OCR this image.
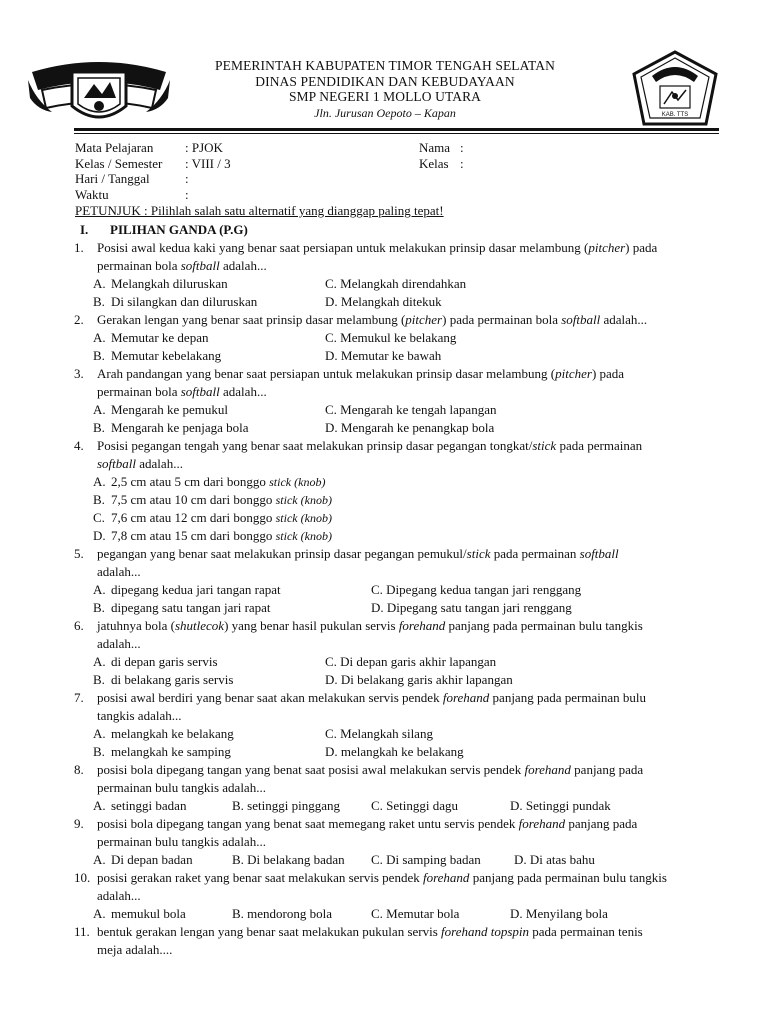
PEMERINTAH KABUPATEN TIMOR TENGAH SELATAN
DINAS PENDIDIKAN DAN KEBUDAYAAN
SMP NEGERI 1 MOLLO UTARA
Jln. Jurusan Oepoto – Kapan	KAB. TTS
Mata Pelajaran : PJOK	Nama :
Kelas / Semester : VIII / 3	Kelas :
Hari / Tanggal	:
Waktu	:
PETUNJUK : Pilihlah salah satu alternatif yang dianggap paling tepat!
I. PILIHAN GANDA (P.G)
1. Posisi awal kedua kaki yang benar saat persiapan untuk melakukan prinsip dasar melambung (pitcher) pada
permainan bola softball adalah...
A. Melangkah diluruskan	C. Melangkah direndahkan
B. Di silangkan dan diluruskan	D. Melangkah ditekuk
2. Gerakan lengan yang benar saat prinsip dasar melambung (pitcher) pada permainan bola softball adalah...
A. Memutar ke depan	C. Memukul ke belakang
B. Memutar kebelakang	D. Memutar ke bawah
3. Arah pandangan yang benar saat persiapan untuk melakukan prinsip dasar melambung (pitcher) pada
permainan bola softball adalah...
A. Mengarah ke pemukul	C. Mengarah ke tengah lapangan
B. Mengarah ke penjaga bola	D. Mengarah ke penangkap bola
4. Posisi pegangan tengah yang benar saat melakukan prinsip dasar pegangan tongkat/stick pada permainan
softball adalah...
A. 2,5 cm atau 5 cm dari bonggo stick (knob)
B. 7,5 cm atau 10 cm dari bonggo stick (knob)
C. 7,6 cm atau 12 cm dari bonggo stick (knob)
D. 7,8 cm atau 15 cm dari bonggo stick (knob)
5. pegangan yang benar saat melakukan prinsip dasar pegangan pemukul/stick pada permainan softball
adalah...
A. dipegang kedua jari tangan rapat	C. Dipegang kedua tangan jari renggang
B. dipegang satu tangan jari rapat	D. Dipegang satu tangan jari renggang
6. jatuhnya bola (shutlecok) yang benar hasil pukulan servis forehand panjang pada permainan bulu tangkis
adalah...
A. di depan garis servis	C. Di depan garis akhir lapangan
B. di belakang garis servis	D. Di belakang garis akhir lapangan
7. posisi awal berdiri yang benar saat akan melakukan servis pendek forehand panjang pada permainan bulu
tangkis adalah...
A. melangkah ke belakang	C. Melangkah silang
B. melangkah ke samping	D. melangkah ke belakang
8. posisi bola dipegang tangan yang benat saat posisi awal melakukan servis pendek forehand panjang pada
permainan bulu tangkis adalah...
A. setinggi badan	B. setinggi pinggang C. Setinggi dagu	D. Setinggi pundak
9. posisi bola dipegang tangan yang benat saat memegang raket untu servis pendek forehand panjang pada
permainan bulu tangkis adalah...
A. Di depan badan	B. Di belakang badan C. Di samping badan	D. Di atas bahu
10. posisi gerakan raket yang benar saat melakukan servis pendek forehand panjang pada permainan bulu tangkis
adalah...
A. memukul bola	B. mendorong bola	C. Memutar bola	D. Menyilang bola
11. bentuk gerakan lengan yang benar saat melakukan pukulan servis forehand topspin pada permainan tenis
meja adalah....
